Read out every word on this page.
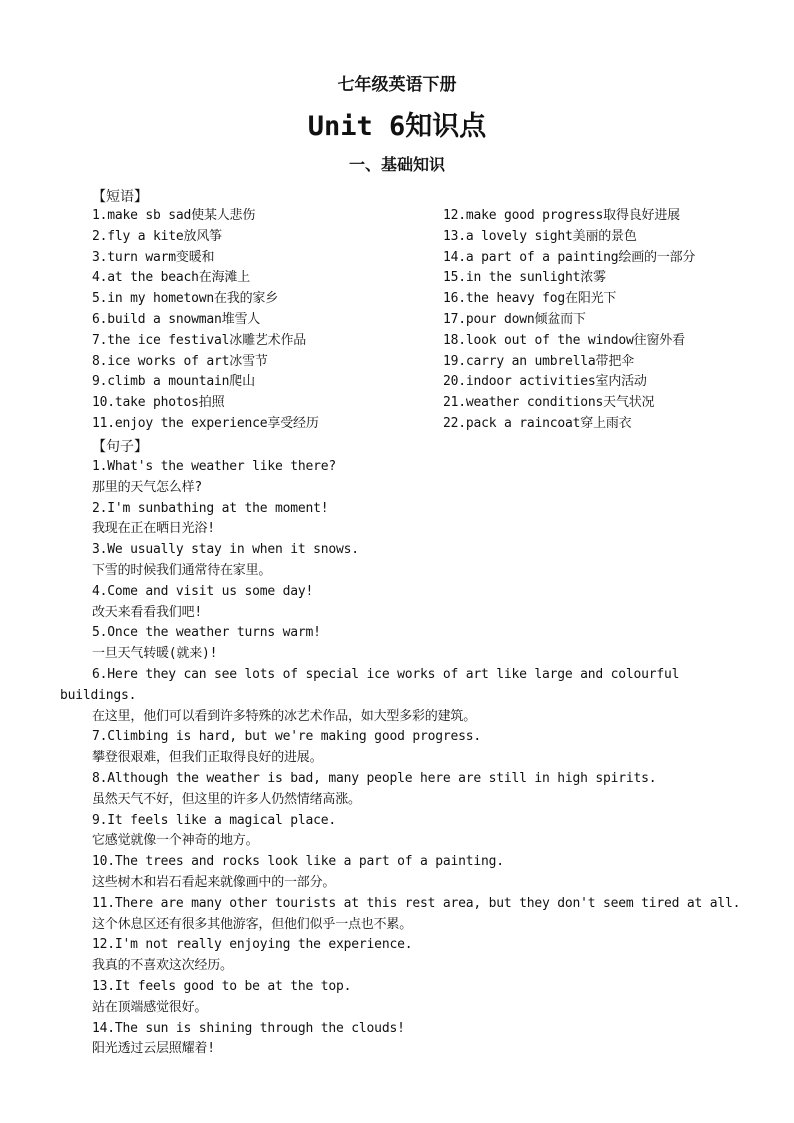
七年级英语下册
Unit 6知识点
一、基础知识
【短语】
1.make sb sad使某人悲伤
2.fly a kite放风筝
3.turn warm变暖和
4.at the beach在海滩上
5.in my hometown在我的家乡
6.build a snowman堆雪人
7.the ice festival冰雕艺术作品
8.ice works of art冰雪节
9.climb a mountain爬山
10.take photos拍照
11.enjoy the experience享受经历
12.make good progress取得良好进展
13.a lovely sight美丽的景色
14.a part of a painting绘画的一部分
15.in the sunlight浓雾
16.the heavy fog在阳光下
17.pour down倾盆而下
18.look out of the window往窗外看
19.carry an umbrella带把伞
20.indoor activities室内活动
21.weather conditions天气状况
22.pack a raincoat穿上雨衣
【句子】
1.What's the weather like there?
那里的天气怎么样?
2.I'm sunbathing at the moment!
我现在正在晒日光浴!
3.We usually stay in when it snows.
下雪的时候我们通常待在家里。
4.Come and visit us some day!
改天来看看我们吧!
5.Once the weather turns warm!
一旦天气转暖(就来)!
6.Here they can see lots of special ice works of art like large and colourful
buildings.
在这里，他们可以看到许多特殊的冰艺术作品，如大型多彩的建筑。
7.Climbing is hard, but we're making good progress.
攀登很艰难，但我们正取得良好的进展。
8.Although the weather is bad, many people here are still in high spirits.
虽然天气不好，但这里的许多人仍然情绪高涨。
9.It feels like a magical place.
它感觉就像一个神奇的地方。
10.The trees and rocks look like a part of a painting.
这些树木和岩石看起来就像画中的一部分。
11.There are many other tourists at this rest area, but they don't seem tired at all.
这个休息区还有很多其他游客，但他们似乎一点也不累。
12.I'm not really enjoying the experience.
我真的不喜欢这次经历。
13.It feels good to be at the top.
站在顶端感觉很好。
14.The sun is shining through the clouds!
阳光透过云层照耀着!
